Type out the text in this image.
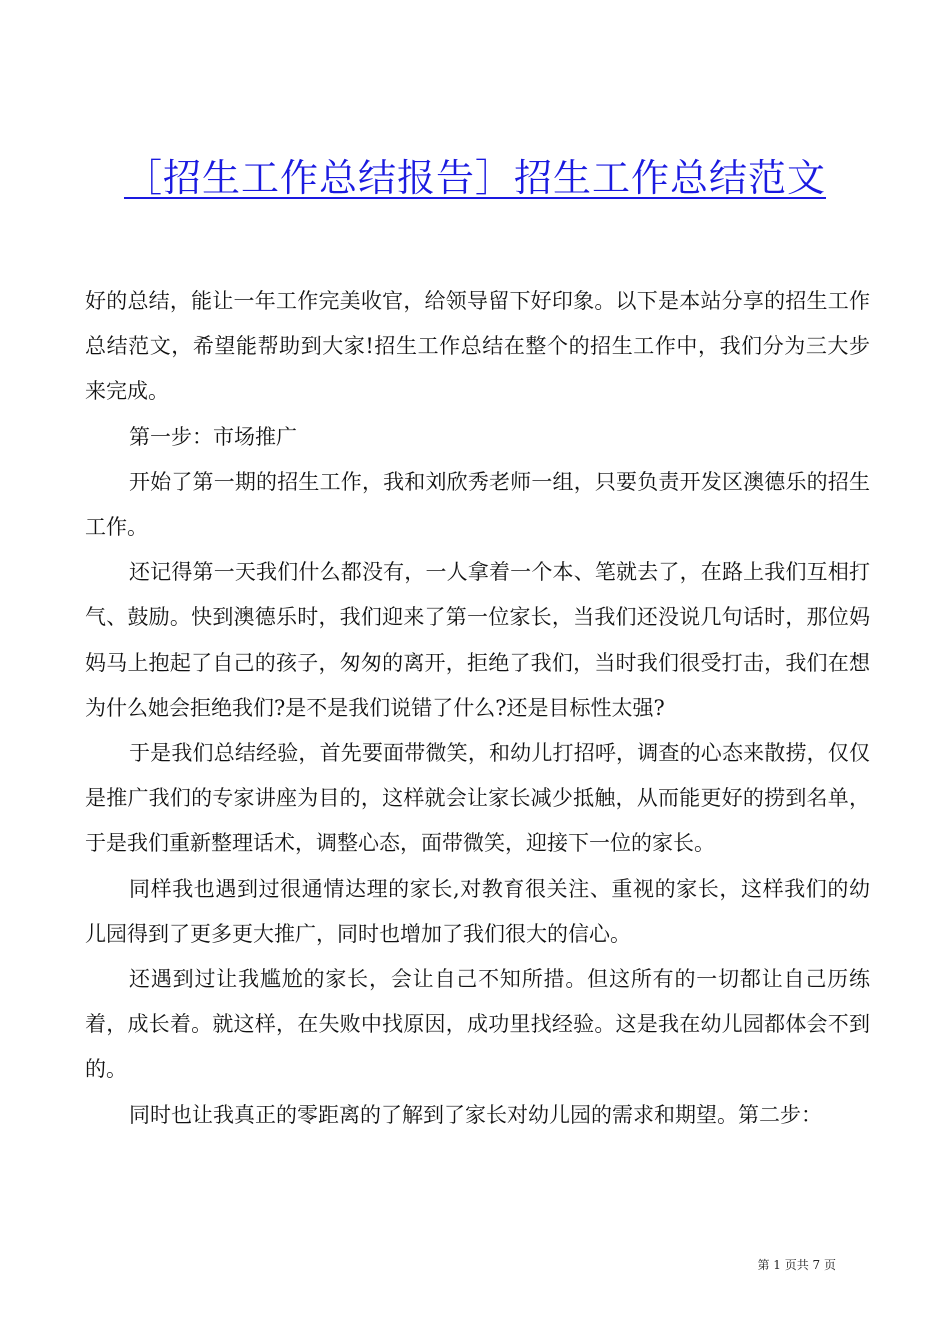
［招生工作总结报告］招生工作总结范文

好的总结，能让一年工作完美收官，给领导留下好印象。以下是本站分享的招生工作总结范文，希望能帮助到大家!招生工作总结在整个的招生工作中，我们分为三大步来完成。

第一步：市场推广

开始了第一期的招生工作，我和刘欣秀老师一组，只要负责开发区澳德乐的招生工作。

还记得第一天我们什么都没有，一人拿着一个本、笔就去了，在路上我们互相打气、鼓励。快到澳德乐时，我们迎来了第一位家长，当我们还没说几句话时，那位妈妈马上抱起了自己的孩子，匆匆的离开，拒绝了我们，当时我们很受打击，我们在想为什么她会拒绝我们?是不是我们说错了什么?还是目标性太强?

于是我们总结经验，首先要面带微笑，和幼儿打招呼，调查的心态来散捞，仅仅是推广我们的专家讲座为目的，这样就会让家长减少抵触，从而能更好的捞到名单，于是我们重新整理话术，调整心态，面带微笑，迎接下一位的家长。

同样我也遇到过很通情达理的家长,对教育很关注、重视的家长，这样我们的幼儿园得到了更多更大推广，同时也增加了我们很大的信心。

还遇到过让我尴尬的家长，会让自己不知所措。但这所有的一切都让自己历练着，成长着。就这样，在失败中找原因，成功里找经验。这是我在幼儿园都体会不到的。

同时也让我真正的零距离的了解到了家长对幼儿园的需求和期望。第二步：

第 1 页共 7 页
